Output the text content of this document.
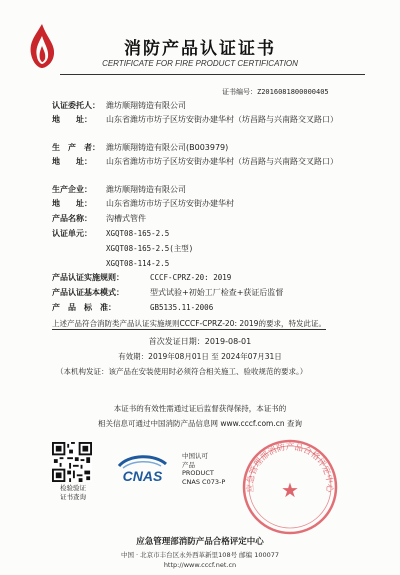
消防产品认证证书
CERTIFICATE FOR FIRE PRODUCT CERTIFICATION
证书编号：Z2016081800000405
认证委托人： 潍坊顺翔铸造有限公司
地　　址： 山东省潍坊市坊子区坊安街办建华村（坊昌路与兴南路交叉路口）
生　产　者： 潍坊顺翔铸造有限公司(B003979)
地　　址： 山东省潍坊市坊子区坊安街办建华村（坊昌路与兴南路交叉路口）
生产企业： 潍坊顺翔铸造有限公司
地　　址： 山东省潍坊市坊子区坊安街办建华村
产品名称： 沟槽式管件
认证单元： XGQT08-165-2.5
XGQT08-165-2.5(主型)
XGQT08-114-2.5
产品认证实施规则：	CCCF-CPRZ-20: 2019
产品认证基本模式：	型式试验+初始工厂检查+获证后监督
产　品　标　准：	GB5135.11-2006
上述产品符合消防类产品认证实施规则CCCF-CPRZ-20: 2019的要求，特发此证。
首次发证日期：2019-08-01
有效期：2019年08月01日 至 2024年07月31日
（本机构发证：该产品在安装使用时必须符合相关施工、验收规范的要求。）
本证书的有效性需通过证后监督获得保持，本证书的
相关信息可通过中国消防产品信息网 www.cccf.com.cn 查询
检验验证
证书查询
CNAS
中国认可
产品
PRODUCT
CNAS C073-P
应急管理部消防产品合格评定中心
★
应急管理部消防产品合格评定中心
中国 · 北京市丰台区永外西革新里108号 邮编 100077
http://www.cccf.net.cn
